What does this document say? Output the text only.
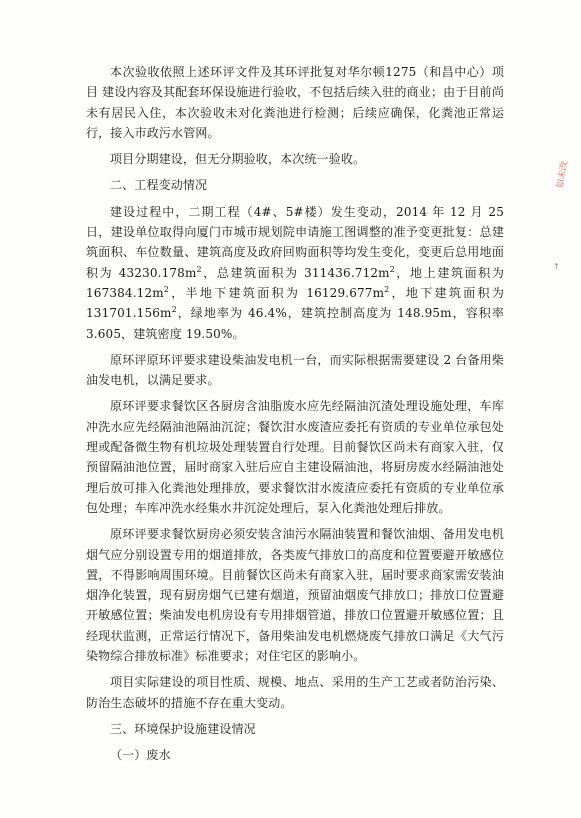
本次验收依照上述环评文件及其环评批复对华尔顿1275（和昌中心）项目 建设内容及其配套环保设施进行验收，不包括后续入驻的商业；由于目前尚未有居民入住，本次验收未对化粪池进行检测；后续应确保，化粪池正常运行，接入市政污水管网。

项目分期建设，但无分期验收，本次统一验收。

二、工程变动情况

建设过程中，二期工程（4#、5#楼）发生变动，2014 年 12 月 25 日，建设单位取得向厦门市城市规划院申请施工图调整的准予变更批复：总建筑面积、车位数量、建筑高度及政府回购面积等均发生变化，变更后总用地面积为 $43230.178m^2$，总建筑面积为 $311436.712m^2$，地上建筑面积为 $167384.12m^2$，半地下建筑面积为 $16129.677m^2$，地下建筑面积为 $131701.156m^2$，绿地率为 46.4%，建筑控制高度为 148.95m，容积率 3.605，建筑密度 19.50%。

原环评原环评要求建设柴油发电机一台，而实际根据需要建设 2 台备用柴油发电机，以满足要求。

原环评要求餐饮区各厨房含油脂废水应先经隔油沉渣处理设施处理，车库冲洗水应先经隔油池隔油沉淀；餐饮泔水废渣应委托有资质的专业单位承包处理或配备微生物有机垃圾处理装置自行处理。目前餐饮区尚未有商家入驻，仅预留隔油池位置，届时商家入驻后应自主建设隔油池，将厨房废水经隔油池处理后放可排入化粪池处理排放，要求餐饮泔水废渣应委托有资质的专业单位承包处理；车库冲洗水经集水井沉淀处理后，泵入化粪池处理后排放。

原环评要求餐饮厨房必须安装含油污水隔油装置和餐饮油烟、备用发电机烟气应分别设置专用的烟道排放，各类废气排放口的高度和位置要避开敏感位置，不得影响周围环境。目前餐饮区尚未有商家入驻，届时要求商家需安装油烟净化装置，现有厨房烟气已建有烟道，预留油烟废气排放口；排放口位置避开敏感位置；柴油发电机房设有专用排烟管道，排放口位置避开敏感位置；且经现状监测，正常运行情况下，备用柴油发电机燃烧废气排放口满足《大气污染物综合排放标准》标准要求；对住宅区的影响小。

项目实际建设的项目性质、规模、地点、采用的生产工艺或者防治污染、防治生态破坏的措施不存在重大变动。

三、环境保护设施建设情况

（一）废水

如未改
↑
